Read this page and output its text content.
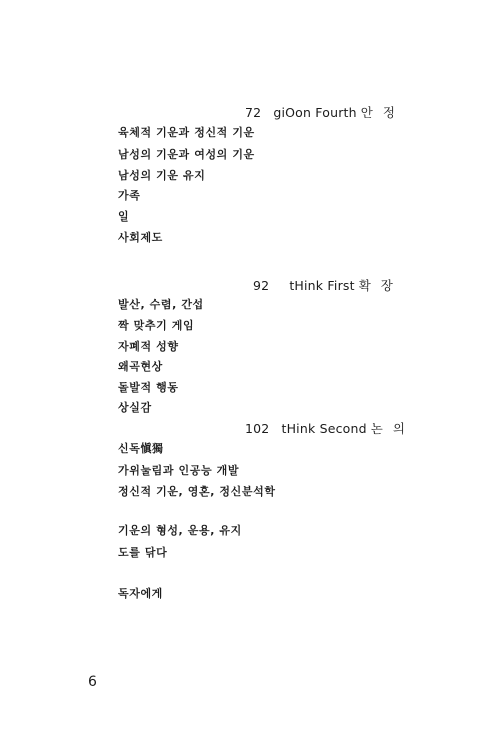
72 giOon Fourth 안 정
육체적 기운과 정신적 기운
남성의 기운과 여성의 기운
남성의 기운 유지
가족
일
사회제도
92 tHink First 확 장
발산, 수렴, 간섭
짝 맞추기 게임
자폐적 성향
왜곡현상
돌발적 행동
상실감
102 tHink Second 논 의
신독愼獨
가위눌림과 인공능 개발
정신적 기운, 영혼, 정신분석학
기운의 형성, 운용, 유지
도를 닦다
독자에게
6
